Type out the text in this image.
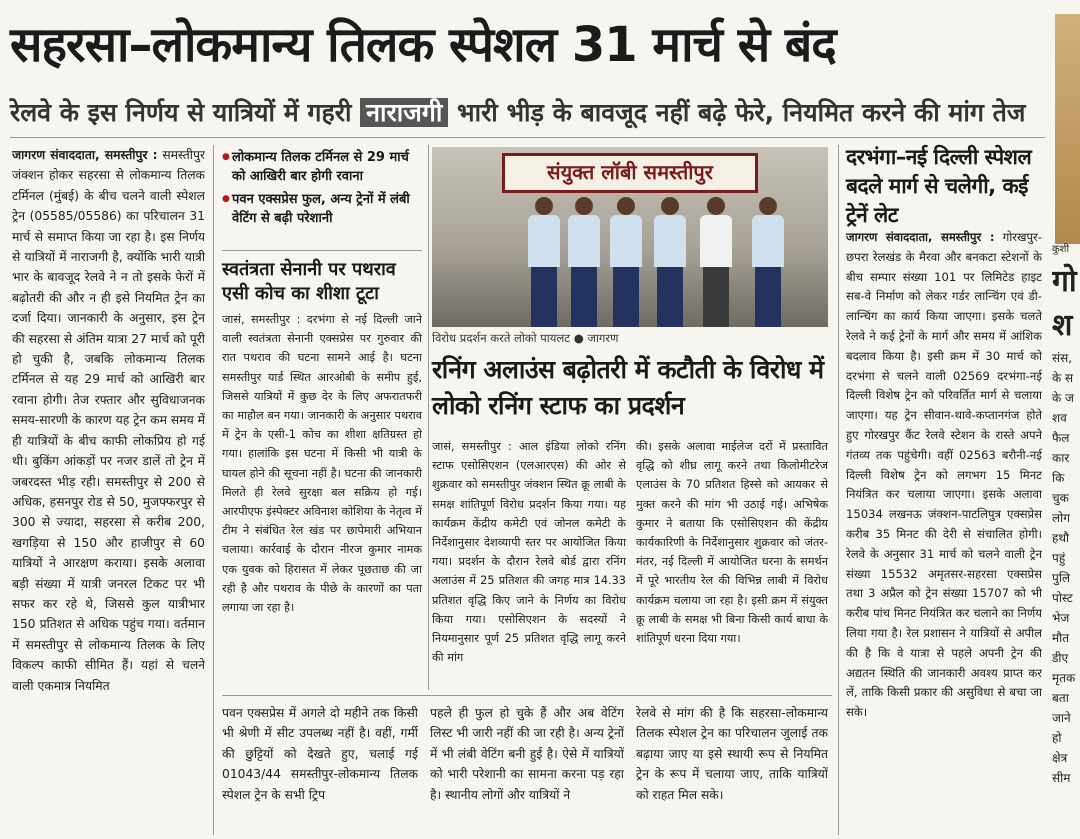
सहरसा–लोकमान्य तिलक स्पेशल 31 मार्च से बंद
रेलवे के इस निर्णय से यात्रियों में गहरी नाराजगी भारी भीड़ के बावजूद नहीं बढ़े फेरे, नियमित करने की मांग तेज
जागरण संवाददाता, समस्तीपुर : समस्तीपुर जंक्शन होकर सहरसा से लोकमान्य तिलक टर्मिनल (मुंबई) के बीच चलने वाली स्पेशल ट्रेन (05585/05586) का परिचालन 31 मार्च से समाप्त किया जा रहा है। इस निर्णय से यात्रियों में नाराजगी है, क्योंकि भारी यात्री भार के बावजूद रेलवे ने न तो इसके फेरों में बढ़ोतरी की और न ही इसे नियमित ट्रेन का दर्जा दिया। जानकारी के अनुसार, इस ट्रेन की सहरसा से अंतिम यात्रा 27 मार्च को पूरी हो चुकी है, जबकि लोकमान्य तिलक टर्मिनल से यह 29 मार्च को आखिरी बार रवाना होगी। तेज रफ्तार और सुविधाजनक समय-सारणी के कारण यह ट्रेन कम समय में ही यात्रियों के बीच काफी लोकप्रिय हो गई थी। बुकिंग आंकड़ों पर नजर डालें तो ट्रेन में जबरदस्त भीड़ रही। समस्तीपुर से 200 से अधिक, हसनपुर रोड से 50, मुजफ्फरपुर से 300 से ज्यादा, सहरसा से करीब 200, खगड़िया से 150 और हाजीपुर से 60 यात्रियों ने आरक्षण कराया। इसके अलावा बड़ी संख्या में यात्री जनरल टिकट पर भी सफर कर रहे थे, जिससे कुल यात्रीभार 150 प्रतिशत से अधिक पहुंच गया। वर्तमान में समस्तीपुर से लोकमान्य तिलक के लिए विकल्प काफी सीमित हैं। यहां से चलने वाली एकमात्र नियमित
● लोकमान्य तिलक टर्मिनल से 29 मार्च को आखिरी बार होगी रवाना
● पवन एक्सप्रेस फुल, अन्य ट्रेनों में लंबी वेटिंग से बढ़ी परेशानी
स्वतंत्रता सेनानी पर पथराव एसी कोच का शीशा टूटा
जासं, समस्तीपुर : दरभंगा से नई दिल्ली जाने वाली स्वतंत्रता सेनानी एक्सप्रेस पर गुरुवार की रात पथराव की घटना सामने आई है। घटना समस्तीपुर यार्ड स्थित आरओबी के समीप हुई, जिससे यात्रियों में कुछ देर के लिए अफरातफरी का माहौल बन गया। जानकारी के अनुसार पथराव में ट्रेन के एसी-1 कोच का शीशा क्षतिग्रस्त हो गया। हालांकि इस घटना में किसी भी यात्री के घायल होने की सूचना नहीं है। घटना की जानकारी मिलते ही रेलवे सुरक्षा बल सक्रिय हो गई। आरपीएफ इंस्पेक्टर अविनाश कोशिया के नेतृत्व में टीम ने संबंधित रेल खंड पर छापेमारी अभियान चलाया। कार्रवाई के दौरान नीरज कुमार नामक एक युवक को हिरासत में लेकर पूछताछ की जा रही है और पथराव के पीछे के कारणों का पता लगाया जा रहा है।
संयुक्त लॉबी समस्तीपुर
विरोध प्रदर्शन करते लोको पायलट ● जागरण
रनिंग अलाउंस बढ़ोतरी में कटौती के विरोध में लोको रनिंग स्टाफ का प्रदर्शन
जासं, समस्तीपुर : आल इंडिया लोको रनिंग स्टाफ एसोसिएशन (एलआरएस) की ओर से शुक्रवार को समस्तीपुर जंक्शन स्थित क्रू लाबी के समक्ष शांतिपूर्ण विरोध प्रदर्शन किया गया। यह कार्यक्रम केंद्रीय कमेटी एवं जोनल कमेटी के निर्देशानुसार देशव्यापी स्तर पर आयोजित किया गया। प्रदर्शन के दौरान रेलवे बोर्ड द्वारा रनिंग अलाउंस में 25 प्रतिशत की जगह मात्र 14.33 प्रतिशत वृद्धि किए जाने के निर्णय का विरोध किया गया। एसोसिएशन के सदस्यों ने नियमानुसार पूर्ण 25 प्रतिशत वृद्धि लागू करने की मांग
की। इसके अलावा माईलेज दरों में प्रस्तावित वृद्धि को शीघ्र लागू करने तथा किलोमीटरेज एलाउंस के 70 प्रतिशत हिस्से को आयकर से मुक्त करने की मांग भी उठाई गई। अभिषेक कुमार ने बताया कि एसोसिएशन की केंद्रीय कार्यकारिणी के निर्देशानुसार शुक्रवार को जंतर-मंतर, नई दिल्ली में आयोजित धरना के समर्थन में पूरे भारतीय रेल की विभिन्न लाबी में विरोध कार्यक्रम चलाया जा रहा है। इसी क्रम में संयुक्त क्रू लाबी के समक्ष भी बिना किसी कार्य बाधा के शांतिपूर्ण धरना दिया गया।
पवन एक्सप्रेस में अगले दो महीने तक किसी भी श्रेणी में सीट उपलब्ध नहीं है। वहीं, गर्मी की छुट्टियों को देखते हुए, चलाई गई 01043/44 समस्तीपुर-लोकमान्य तिलक स्पेशल ट्रेन के सभी ट्रिप
पहले ही फुल हो चुके हैं और अब वेटिंग लिस्ट भी जारी नहीं की जा रही है। अन्य ट्रेनों में भी लंबी वेटिंग बनी हुई है। ऐसे में यात्रियों को भारी परेशानी का सामना करना पड़ रहा है। स्थानीय लोगों और यात्रियों ने
रेलवे से मांग की है कि सहरसा-लोकमान्य तिलक स्पेशल ट्रेन का परिचालन जुलाई तक बढ़ाया जाए या इसे स्थायी रूप से नियमित ट्रेन के रूप में चलाया जाए, ताकि यात्रियों को राहत मिल सके।
दरभंगा–नई दिल्ली स्पेशल बदले मार्ग से चलेगी, कई ट्रेनें लेट
जागरण संवाददाता, समस्तीपुर : गोरखपुर-छपरा रेलखंड के मैरवा और बनकटा स्टेशनों के बीच सम्पार संख्या 101 पर लिमिटेड हाइट सब-वे निर्माण को लेकर गर्डर लान्चिंग एवं डी-लान्चिंग का कार्य किया जाएगा। इसके चलते रेलवे ने कई ट्रेनों के मार्ग और समय में आंशिक बदलाव किया है। इसी क्रम में 30 मार्च को दरभंगा से चलने वाली 02569 दरभंगा-नई दिल्ली विशेष ट्रेन को परिवर्तित मार्ग से चलाया जाएगा। यह ट्रेन सीवान-थावे-कप्तानगंज होते हुए गोरखपुर कैंट रेलवे स्टेशन के रास्ते अपने गंतव्य तक पहुंचेगी। वहीं 02563 बरौनी-नई दिल्ली विशेष ट्रेन को लगभग 15 मिनट नियंत्रित कर चलाया जाएगा। इसके अलावा 15034 लखनऊ जंक्शन-पाटलिपुत्र एक्सप्रेस करीब 35 मिनट की देरी से संचालित होगी। रेलवे के अनुसार 31 मार्च को चलने वाली ट्रेन संख्या 15532 अमृतसर-सहरसा एक्सप्रेस तथा 3 अप्रैल को ट्रेन संख्या 15707 को भी करीब पांच मिनट नियंत्रित कर चलाने का निर्णय लिया गया है। रेल प्रशासन ने यात्रियों से अपील की है कि वे यात्रा से पहले अपनी ट्रेन की अद्यतन स्थिति की जानकारी अवश्य प्राप्त कर लें, ताकि किसी प्रकार की असुविधा से बचा जा सके।
कुशी
गो श
संस, के स के ज शव फैल कार कि चुक लोग हथौ पहुं पुलि पोस्ट भेज मौत डीए मृतक बता जाने हो क्षेत्र सीम
